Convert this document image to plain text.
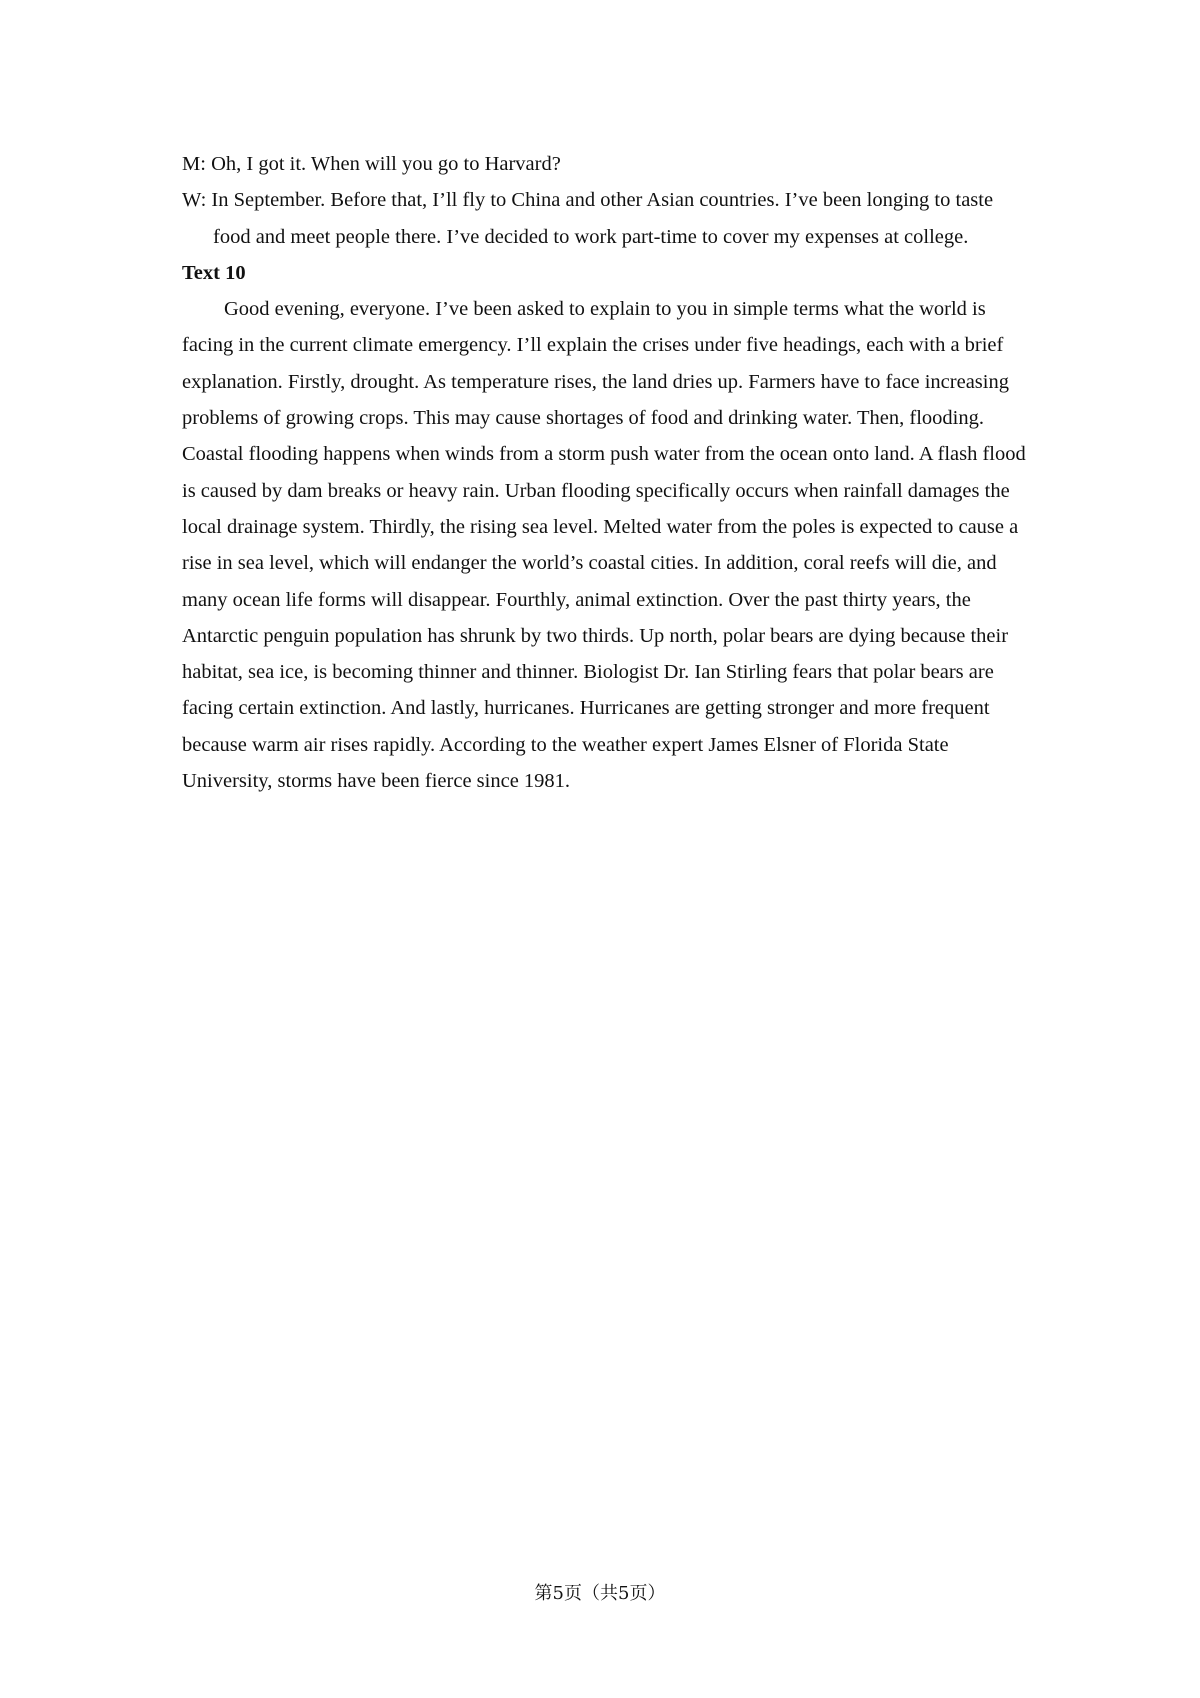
M: Oh, I got it. When will you go to Harvard?

W: In September. Before that, I’ll fly to China and other Asian countries. I’ve been longing to taste food and meet people there. I’ve decided to work part-time to cover my expenses at college.

Text 10

Good evening, everyone. I’ve been asked to explain to you in simple terms what the world is facing in the current climate emergency. I’ll explain the crises under five headings, each with a brief explanation. Firstly, drought. As temperature rises, the land dries up. Farmers have to face increasing problems of growing crops. This may cause shortages of food and drinking water. Then, flooding. Coastal flooding happens when winds from a storm push water from the ocean onto land. A flash flood is caused by dam breaks or heavy rain. Urban flooding specifically occurs when rainfall damages the local drainage system. Thirdly, the rising sea level. Melted water from the poles is expected to cause a rise in sea level, which will endanger the world’s coastal cities. In addition, coral reefs will die, and many ocean life forms will disappear. Fourthly, animal extinction. Over the past thirty years, the Antarctic penguin population has shrunk by two thirds. Up north, polar bears are dying because their habitat, sea ice, is becoming thinner and thinner. Biologist Dr. Ian Stirling fears that polar bears are facing certain extinction. And lastly, hurricanes. Hurricanes are getting stronger and more frequent because warm air rises rapidly. According to the weather expert James Elsner of Florida State University, storms have been fierce since 1981.

第5页（共5页）
